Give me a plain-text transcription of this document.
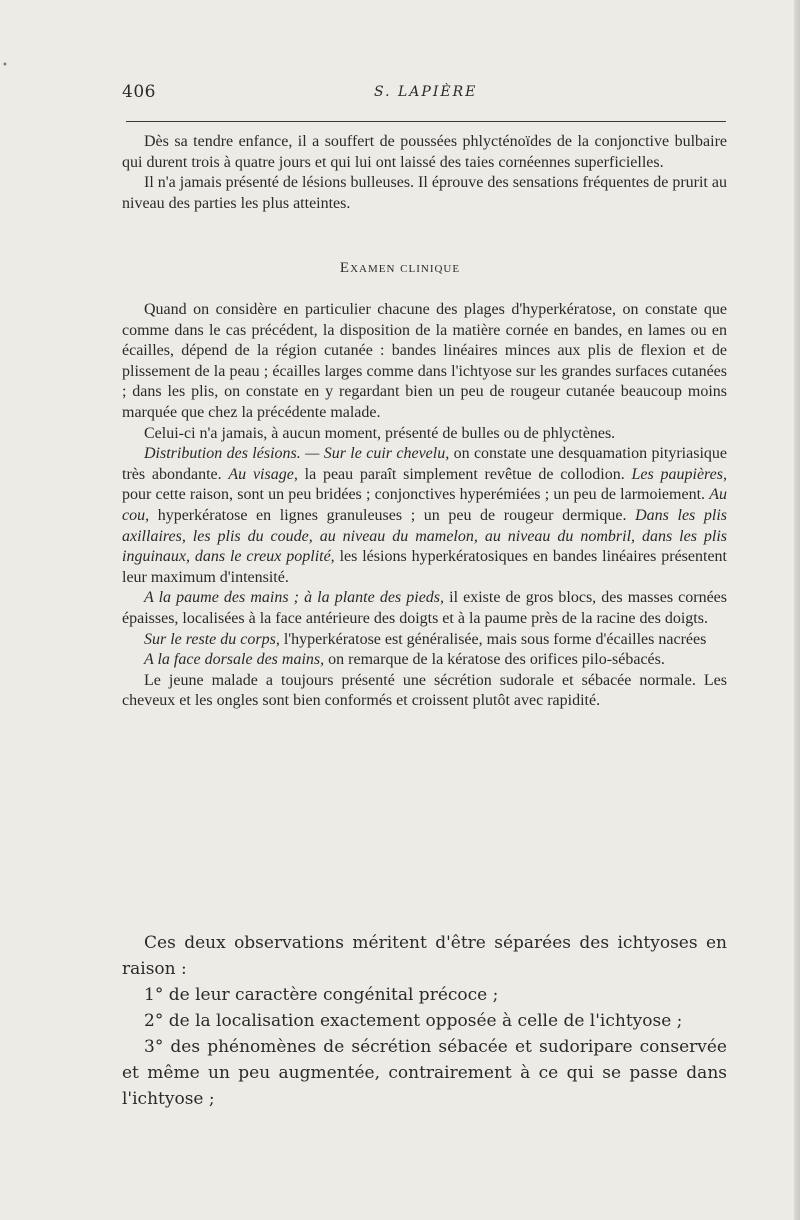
•
406	S. LAPIÈRE

Dès sa tendre enfance, il a souffert de poussées phlycténoïdes de la conjonctive bulbaire qui durent trois à quatre jours et qui lui ont laissé des taies cornéennes superficielles.

Il n'a jamais présenté de lésions bulleuses. Il éprouve des sensations fréquentes de prurit au niveau des parties les plus atteintes.

Examen clinique

Quand on considère en particulier chacune des plages d'hyperkératose, on constate que comme dans le cas précédent, la disposition de la matière cornée en bandes, en lames ou en écailles, dépend de la région cutanée : bandes linéaires minces aux plis de flexion et de plissement de la peau ; écailles larges comme dans l'ichtyose sur les grandes surfaces cutanées ; dans les plis, on constate en y regardant bien un peu de rougeur cutanée beaucoup moins marquée que chez la précédente malade.

Celui-ci n'a jamais, à aucun moment, présenté de bulles ou de phlyctènes.

Distribution des lésions. — Sur le cuir chevelu, on constate une desquamation pityriasique très abondante. Au visage, la peau paraît simplement revêtue de collodion. Les paupières, pour cette raison, sont un peu bridées ; conjonctives hyperémiées ; un peu de larmoiement. Au cou, hyperkératose en lignes granuleuses ; un peu de rougeur dermique. Dans les plis axillaires, les plis du coude, au niveau du mamelon, au niveau du nombril, dans les plis inguinaux, dans le creux poplité, les lésions hyperkératosiques en bandes linéaires présentent leur maximum d'intensité.

A la paume des mains ; à la plante des pieds, il existe de gros blocs, des masses cornées épaisses, localisées à la face antérieure des doigts et à la paume près de la racine des doigts.

Sur le reste du corps, l'hyperkératose est généralisée, mais sous forme d'écailles nacrées

A la face dorsale des mains, on remarque de la kératose des orifices pilo-sébacés.

Le jeune malade a toujours présenté une sécrétion sudorale et sébacée normale. Les cheveux et les ongles sont bien conformés et croissent plutôt avec rapidité.

Ces deux observations méritent d'être séparées des ichtyoses en raison :

1° de leur caractère congénital précoce ;

2° de la localisation exactement opposée à celle de l'ichtyose ;

3° des phénomènes de sécrétion sébacée et sudoripare conservée et même un peu augmentée, contrairement à ce qui se passe dans l'ichtyose ;
